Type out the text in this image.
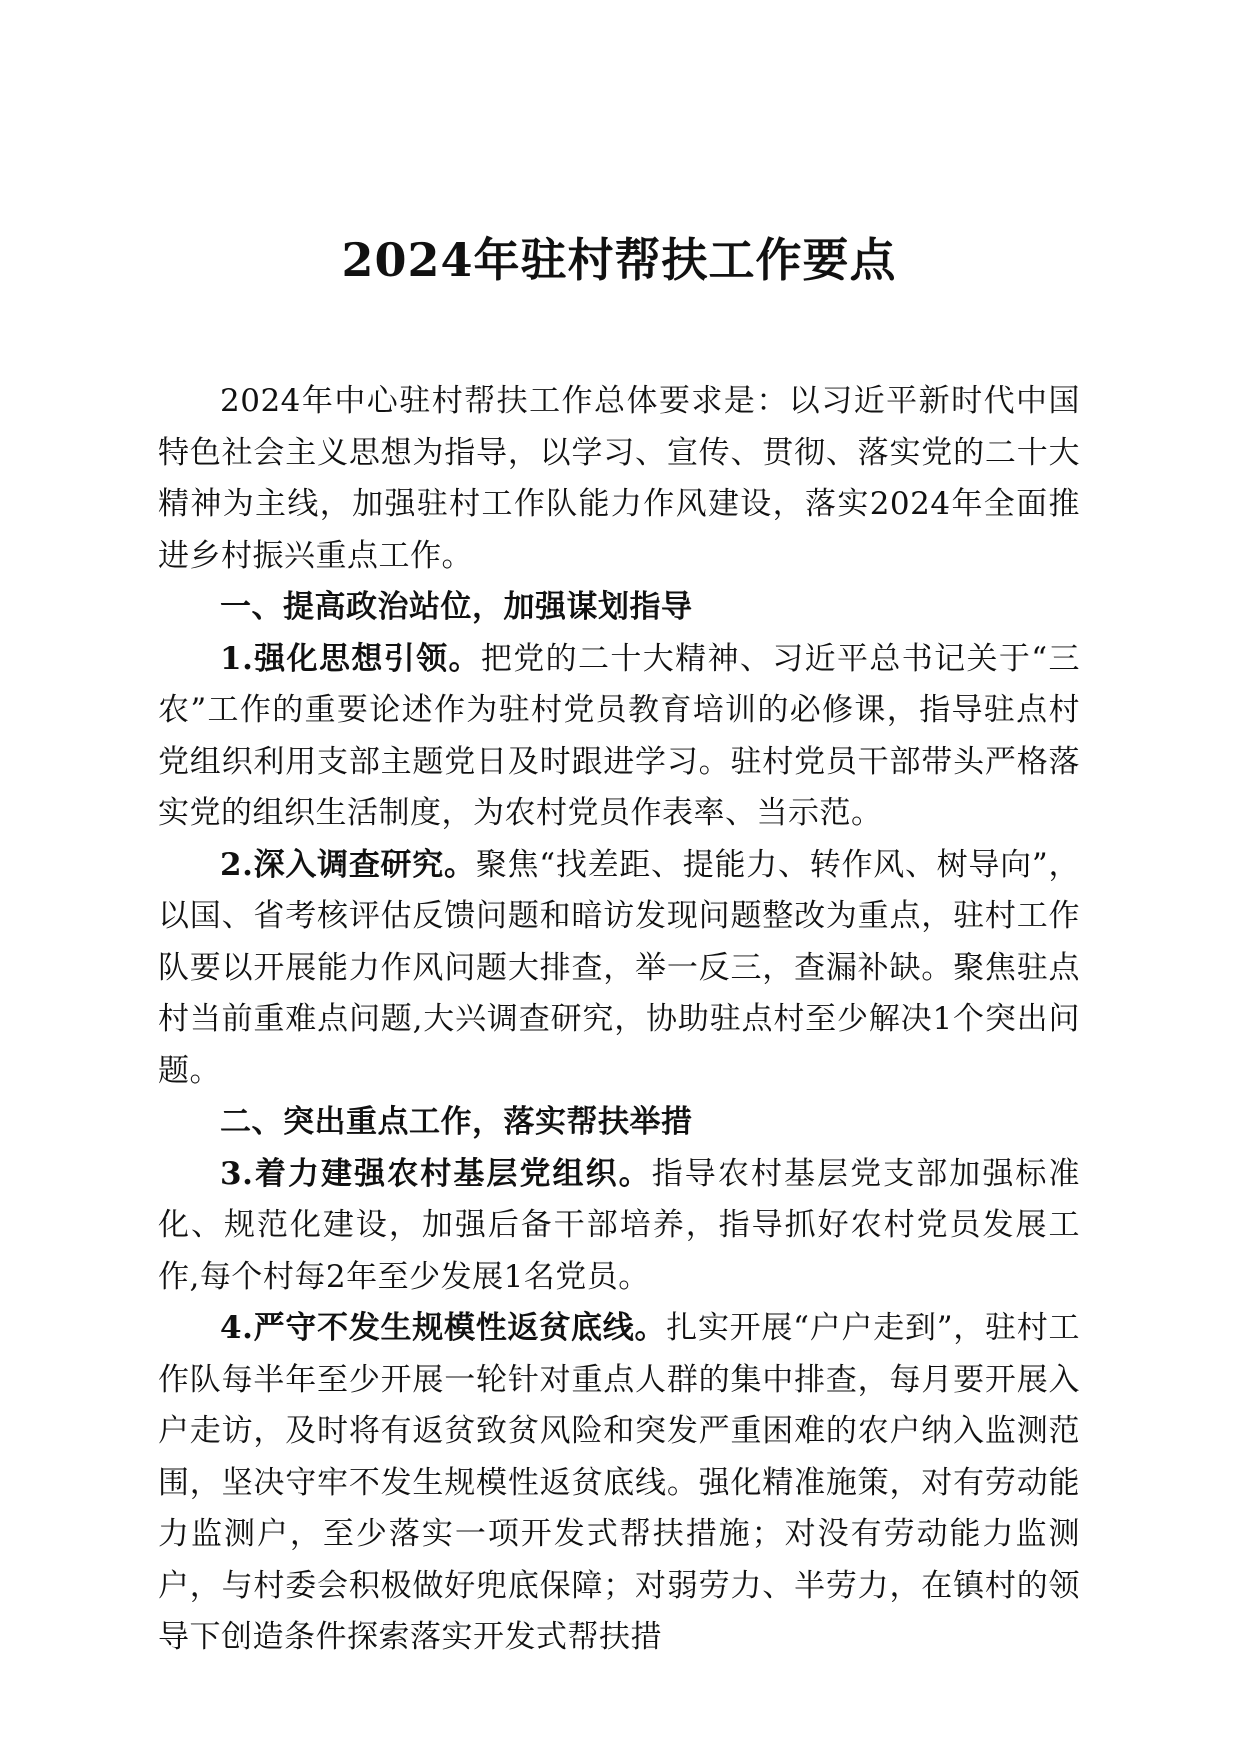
2024年驻村帮扶工作要点

2024年中心驻村帮扶工作总体要求是：以习近平新时代中国特色社会主义思想为指导，以学习、宣传、贯彻、落实党的二十大精神为主线，加强驻村工作队能力作风建设，落实2024年全面推进乡村振兴重点工作。

一、提高政治站位，加强谋划指导

1.强化思想引领。把党的二十大精神、习近平总书记关于“三农”工作的重要论述作为驻村党员教育培训的必修课，指导驻点村党组织利用支部主题党日及时跟进学习。驻村党员干部带头严格落实党的组织生活制度，为农村党员作表率、当示范。

2.深入调查研究。聚焦“找差距、提能力、转作风、树导向”，以国、省考核评估反馈问题和暗访发现问题整改为重点，驻村工作队要以开展能力作风问题大排查，举一反三，查漏补缺。聚焦驻点村当前重难点问题,大兴调查研究，协助驻点村至少解决1个突出问题。

二、突出重点工作，落实帮扶举措

3.着力建强农村基层党组织。指导农村基层党支部加强标准化、规范化建设，加强后备干部培养，指导抓好农村党员发展工作,每个村每2年至少发展1名党员。

4.严守不发生规模性返贫底线。扎实开展“户户走到”，驻村工作队每半年至少开展一轮针对重点人群的集中排查，每月要开展入户走访，及时将有返贫致贫风险和突发严重困难的农户纳入监测范围，坚决守牢不发生规模性返贫底线。强化精准施策，对有劳动能力监测户，至少落实一项开发式帮扶措施；对没有劳动能力监测户，与村委会积极做好兜底保障；对弱劳力、半劳力，在镇村的领导下创造条件探索落实开发式帮扶措
